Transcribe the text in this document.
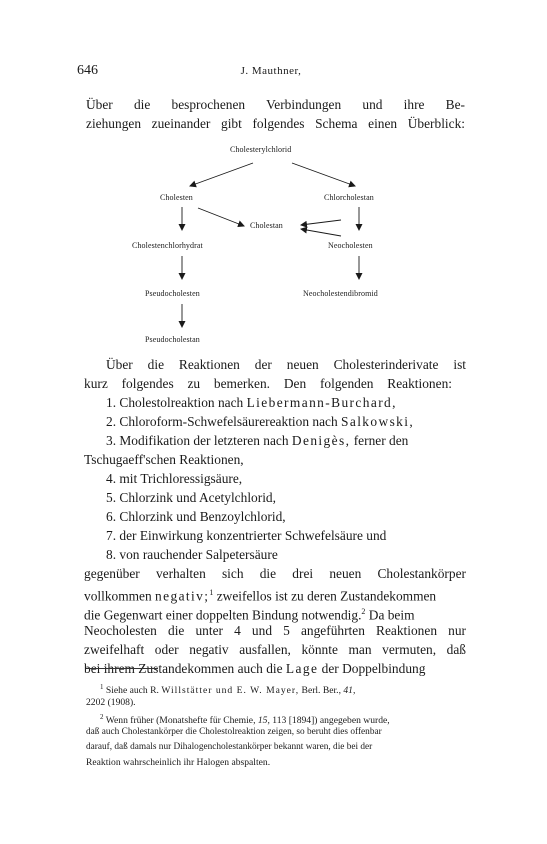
646	J. Mauthner,
Über die besprochenen Verbindungen und ihre Be-
ziehungen zueinander gibt folgendes Schema einen Überblick:
Cholesterylchlorid
Cholesten	Chlorcholestan
Cholestan
Cholestenchlorhydrat	Neocholesten
Pseudocholesten	Neocholestendibromid
Pseudocholestan
Über die Reaktionen der neuen Cholesterinderivate ist
kurz folgendes zu bemerken. Den folgenden Reaktionen:
1. Cholestolreaktion nach Liebermann-Burchard,
2. Chloroform-Schwefelsäurereaktion nach Salkowski,
3. Modifikation der letzteren nach Denigès, ferner den
Tschugaeff'schen Reaktionen,
4. mit Trichloressigsäure,
5. Chlorzink und Acetylchlorid,
6. Chlorzink und Benzoylchlorid,
7. der Einwirkung konzentrierter Schwefelsäure und
8. von rauchender Salpetersäure
gegenüber verhalten sich die drei neuen Cholestankörper
vollkommen negativ;$^1$ zweifellos ist zu deren Zustandekommen
die Gegenwart einer doppelten Bindung notwendig.$^2$ Da beim
Neocholesten die unter 4 und 5 angeführten Reaktionen nur
zweifelhaft oder negativ ausfallen, könnte man vermuten, daß
bei ihrem Zustandekommen auch die Lage der Doppelbindung
$^1$ Siehe auch R. Willstätter und E. W. Mayer, Berl. Ber., 41,
2202 (1908).
$^2$ Wenn früher (Monatshefte für Chemie, 15, 113 [1894]) angegeben wurde,
daß auch Cholestankörper die Cholestolreaktion zeigen, so beruht dies offenbar
darauf, daß damals nur Dihalogencholestankörper bekannt waren, die bei der
Reaktion wahrscheinlich ihr Halogen abspalten.
